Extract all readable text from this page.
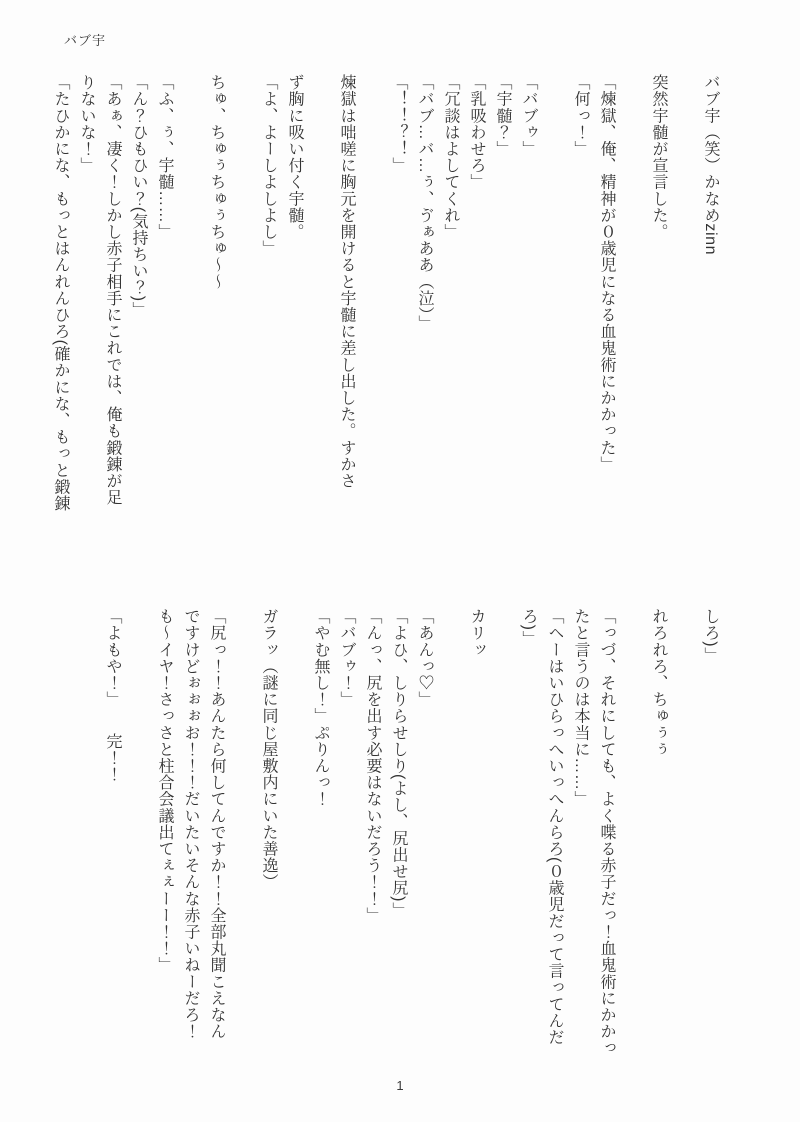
バブ宇

バブ宇（笑）かなめzinn

突然宇髄が宣言した。

「煉獄、俺、精神が０歳児になる血鬼術にかかった」

「何っ！」

「バブゥ」

「宇髄？」

「乳吸わせろ」

「冗談はよしてくれ」

「バブ…バ…ぅ、ゔぁああ（泣）」

「！！？！」

煉獄は咄嗟に胸元を開けると宇髄に差し出した。すかさ

ず胸に吸い付く宇髄。

「よ、よーしよしよし」

ちゅ、ちゅぅちゅぅちゅ～～

「ふ、ぅ、宇髄……」

「ん？ひもひい？(気持ちい？)」

「あぁ、凄く！しかし赤子相手にこれでは、俺も鍛錬が足

りないな！」

「たひかにな、もっとはんれんひろ(確かにな、もっと鍛錬

しろ)」

れろれろ、ちゅぅぅ

「っづ、それにしても、よく喋る赤子だっ！血鬼術にかかっ

たと言うのは本当に……」

「ヘーはいひらっへいっへんらろ(０歳児だって言ってんだ

ろ)」

カリッ

「あんっ♡」

「よひ、しりらせしり(よし、尻出せ尻)」

「んっ、尻を出す必要はないだろう！！」

「バブゥ！」

「やむ無し！」ぷりんっ！

ガラッ（謎に同じ屋敷内にいた善逸）

「尻っ！！あんたら何してんですか！！全部丸聞こえなん

ですけどぉぉぉお！！！だいたいそんな赤子いねーだろ！

も～イヤ！さっさと柱合会議出てぇぇーー！！」

「よもや！」　　完！！

1
